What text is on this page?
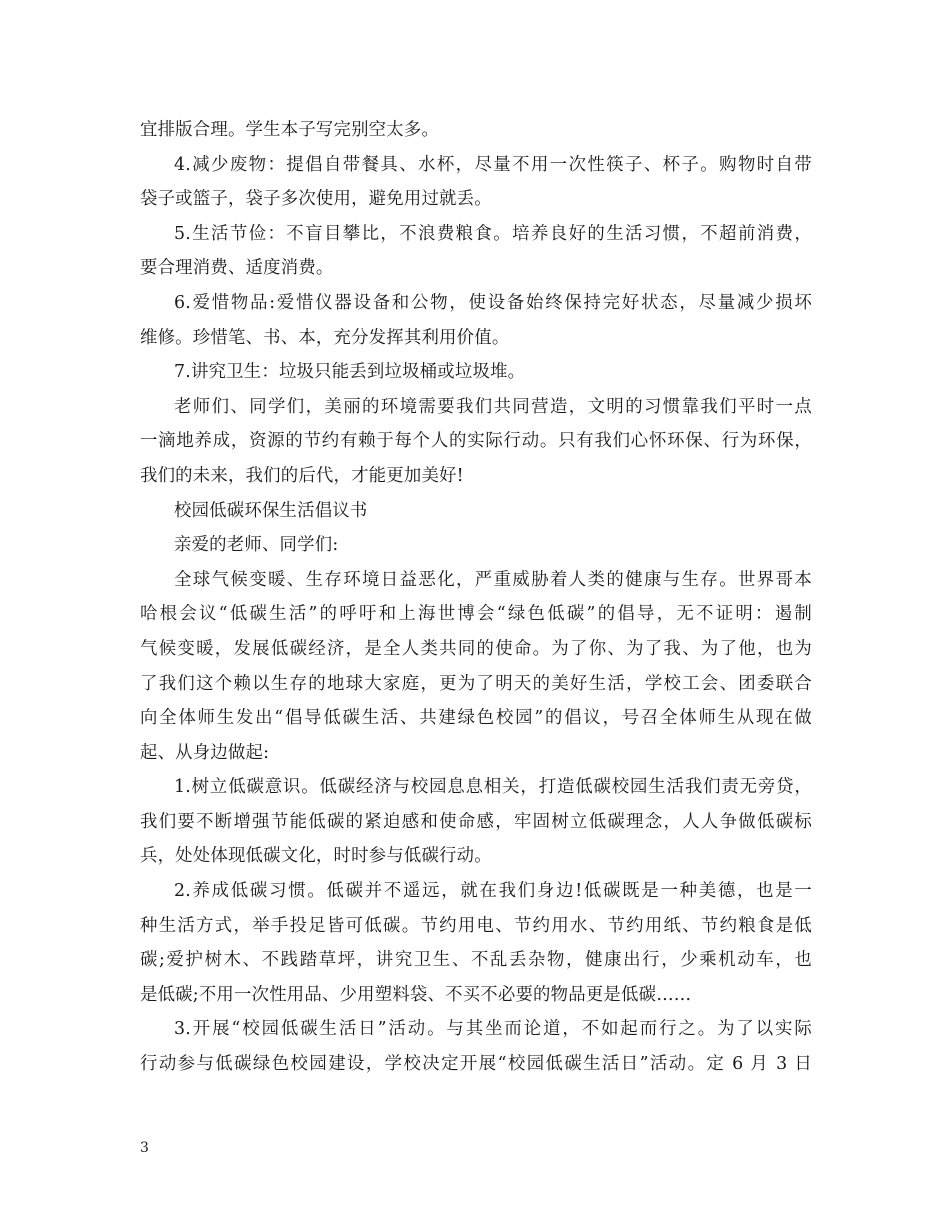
宜排版合理。学生本子写完别空太多。
4.减少废物：提倡自带餐具、水杯，尽量不用一次性筷子、杯子。购物时自带
袋子或篮子，袋子多次使用，避免用过就丢。
5.生活节俭：不盲目攀比，不浪费粮食。培养良好的生活习惯，不超前消费，
要合理消费、适度消费。
6.爱惜物品:爱惜仪器设备和公物，使设备始终保持完好状态，尽量减少损坏
维修。珍惜笔、书、本，充分发挥其利用价值。
7.讲究卫生：垃圾只能丢到垃圾桶或垃圾堆。
老师们、同学们，美丽的环境需要我们共同营造，文明的习惯靠我们平时一点
一滴地养成，资源的节约有赖于每个人的实际行动。只有我们心怀环保、行为环保，
我们的未来，我们的后代，才能更加美好!
校园低碳环保生活倡议书
亲爱的老师、同学们:
全球气候变暖、生存环境日益恶化，严重威胁着人类的健康与生存。世界哥本
哈根会议“低碳生活”的呼吁和上海世博会“绿色低碳”的倡导，无不证明：遏制
气候变暖，发展低碳经济，是全人类共同的使命。为了你、为了我、为了他，也为
了我们这个赖以生存的地球大家庭，更为了明天的美好生活，学校工会、团委联合
向全体师生发出“倡导低碳生活、共建绿色校园”的倡议，号召全体师生从现在做
起、从身边做起:
1.树立低碳意识。低碳经济与校园息息相关，打造低碳校园生活我们责无旁贷，
我们要不断增强节能低碳的紧迫感和使命感，牢固树立低碳理念，人人争做低碳标
兵，处处体现低碳文化，时时参与低碳行动。
2.养成低碳习惯。低碳并不遥远，就在我们身边!低碳既是一种美德，也是一
种生活方式，举手投足皆可低碳。节约用电、节约用水、节约用纸、节约粮食是低
碳;爱护树木、不践踏草坪，讲究卫生、不乱丢杂物，健康出行，少乘机动车，也
是低碳;不用一次性用品、少用塑料袋、不买不必要的物品更是低碳……
3.开展“校园低碳生活日”活动。与其坐而论道，不如起而行之。为了以实际
行动参与低碳绿色校园建设，学校决定开展“校园低碳生活日”活动。定 6 月 3 日
3
